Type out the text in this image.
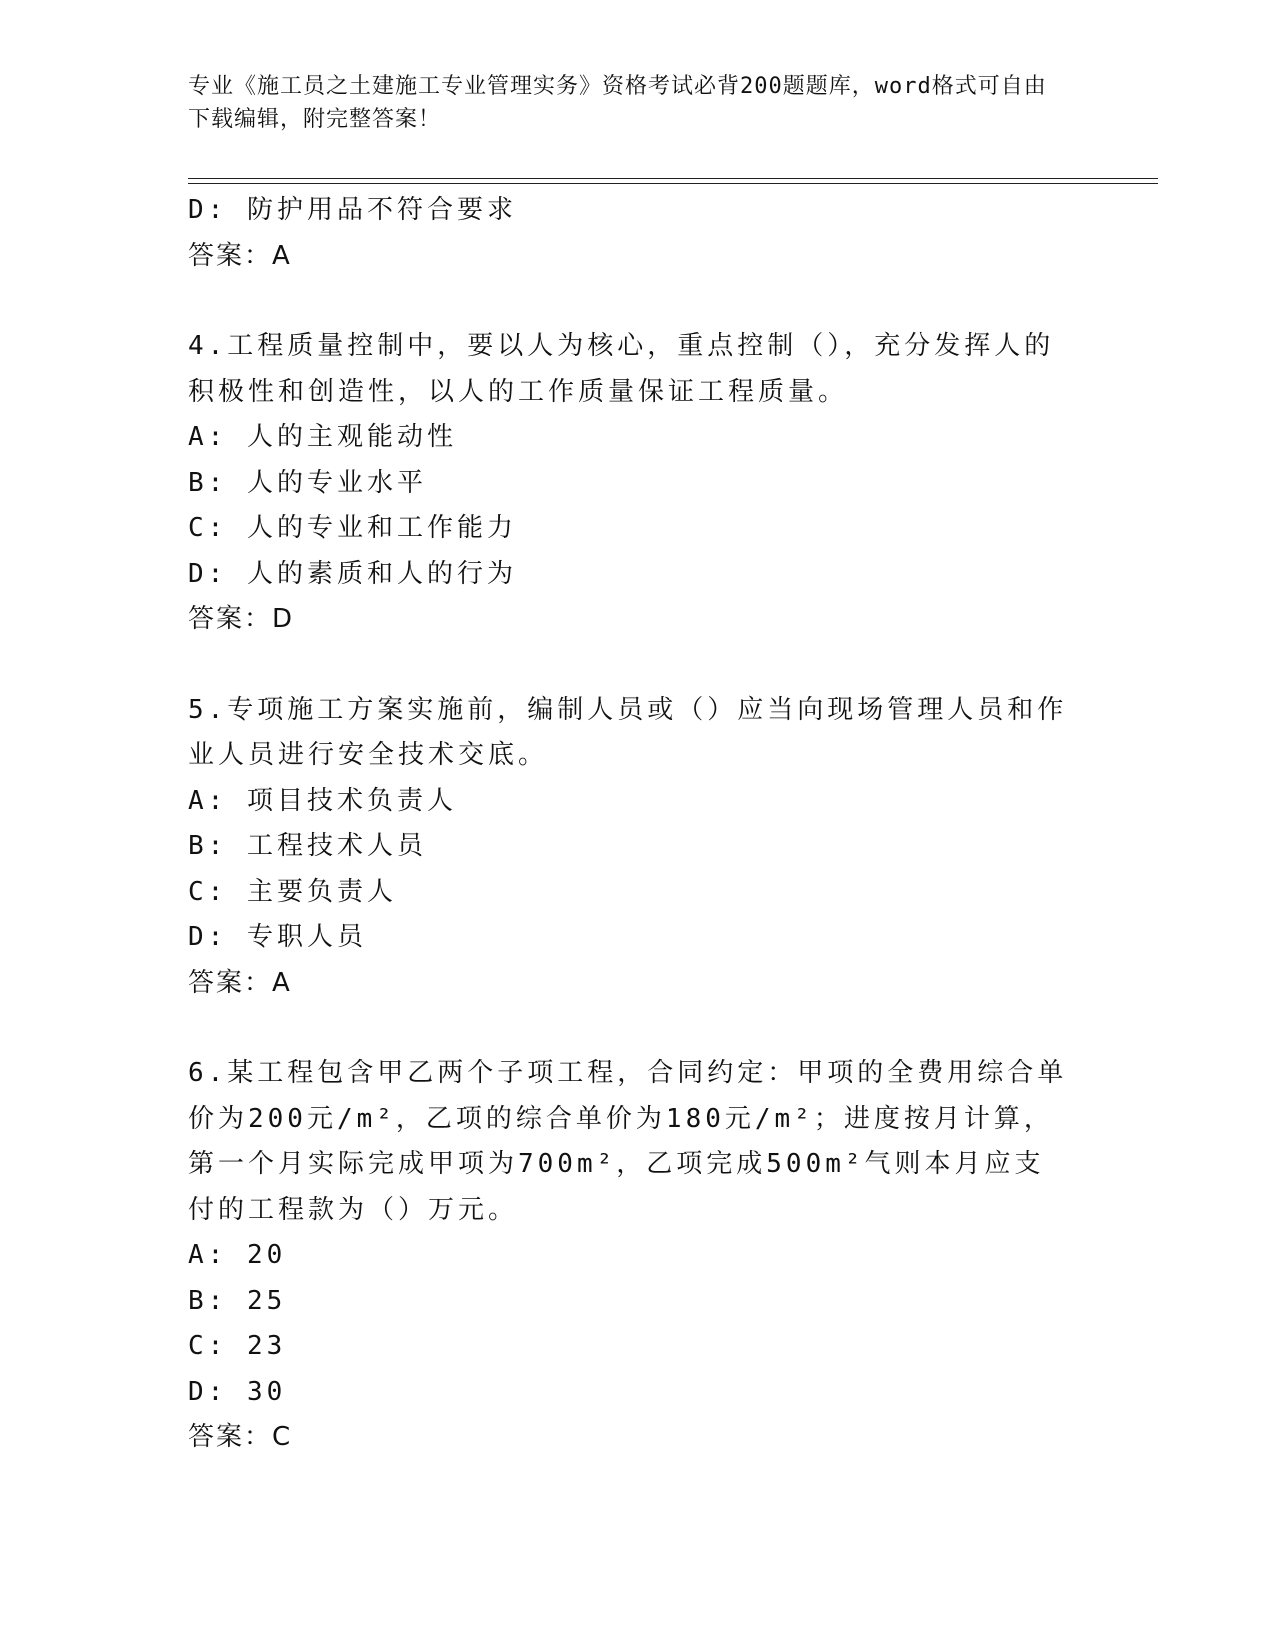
专业《施工员之土建施工专业管理实务》资格考试必背200题题库，word格式可自由下载编辑，附完整答案！
D: 防护用品不符合要求
答案：A
4.工程质量控制中，要以人为核心，重点控制（），充分发挥人的积极性和创造性，以人的工作质量保证工程质量。
A: 人的主观能动性
B: 人的专业水平
C: 人的专业和工作能力
D: 人的素质和人的行为
答案：D
5.专项施工方案实施前，编制人员或（）应当向现场管理人员和作业人员进行安全技术交底。
A: 项目技术负责人
B: 工程技术人员
C: 主要负责人
D: 专职人员
答案：A
6.某工程包含甲乙两个子项工程，合同约定：甲项的全费用综合单价为200元/m²，乙项的综合单价为180元/m²；进度按月计算，第一个月实际完成甲项为700m²，乙项完成500m²气则本月应支付的工程款为（）万元。
A: 20
B: 25
C: 23
D: 30
答案：C
